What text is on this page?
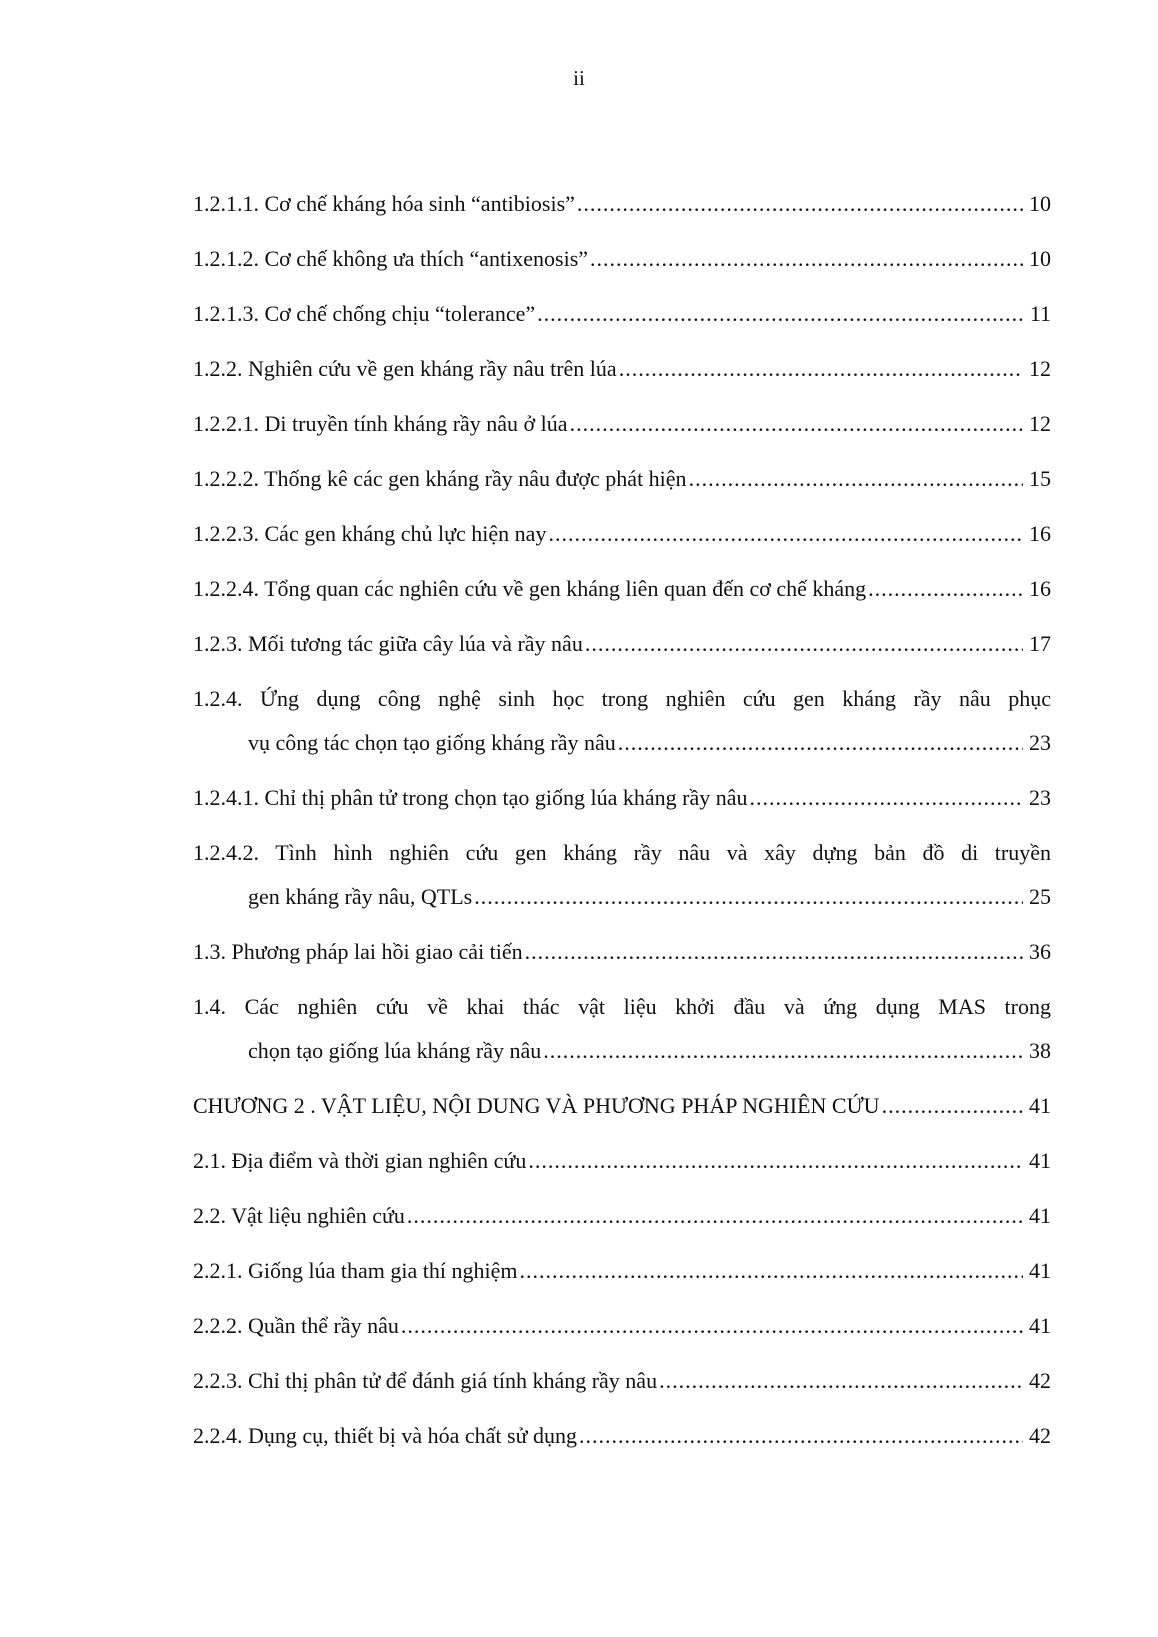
ii
1.2.1.1. Cơ chế kháng hóa sinh “antibiosis” .....	10
1.2.1.2. Cơ chế không ưa thích “antixenosis” .....	10
1.2.1.3. Cơ chế chống chịu “tolerance” .....	11
1.2.2. Nghiên cứu về gen kháng rầy nâu trên lúa .....	12
1.2.2.1. Di truyền tính kháng rầy nâu ở lúa .....	12
1.2.2.2. Thống kê các gen kháng rầy nâu được phát hiện .....	15
1.2.2.3. Các gen kháng chủ lực hiện nay .....	16
1.2.2.4. Tổng quan các nghiên cứu về gen kháng liên quan đến cơ chế kháng .....	16
1.2.3. Mối tương tác giữa cây lúa và rầy nâu .....	17
1.2.4. Ứng dụng công nghệ sinh học trong nghiên cứu gen kháng rầy nâu phục
vụ công tác chọn tạo giống kháng rầy nâu .....	23
1.2.4.1. Chỉ thị phân tử trong chọn tạo giống lúa kháng rầy nâu .....	23
1.2.4.2. Tình hình nghiên cứu gen kháng rầy nâu và xây dựng bản đồ di truyền
gen kháng rầy nâu, QTLs .....	25
1.3. Phương pháp lai hồi giao cải tiến .....	36
1.4. Các nghiên cứu về khai thác vật liệu khởi đầu và ứng dụng MAS trong
chọn tạo giống lúa kháng rầy nâu .....	38
CHƯƠNG 2 . VẬT LIỆU, NỘI DUNG VÀ PHƯƠNG PHÁP NGHIÊN CỨU .....	41
2.1. Địa điểm và thời gian nghiên cứu .....	41
2.2. Vật liệu nghiên cứu .....	41
2.2.1. Giống lúa tham gia thí nghiệm .....	41
2.2.2. Quần thể rầy nâu .....	41
2.2.3. Chỉ thị phân tử để đánh giá tính kháng rầy nâu .....	42
2.2.4. Dụng cụ, thiết bị và hóa chất sử dụng .....	42
